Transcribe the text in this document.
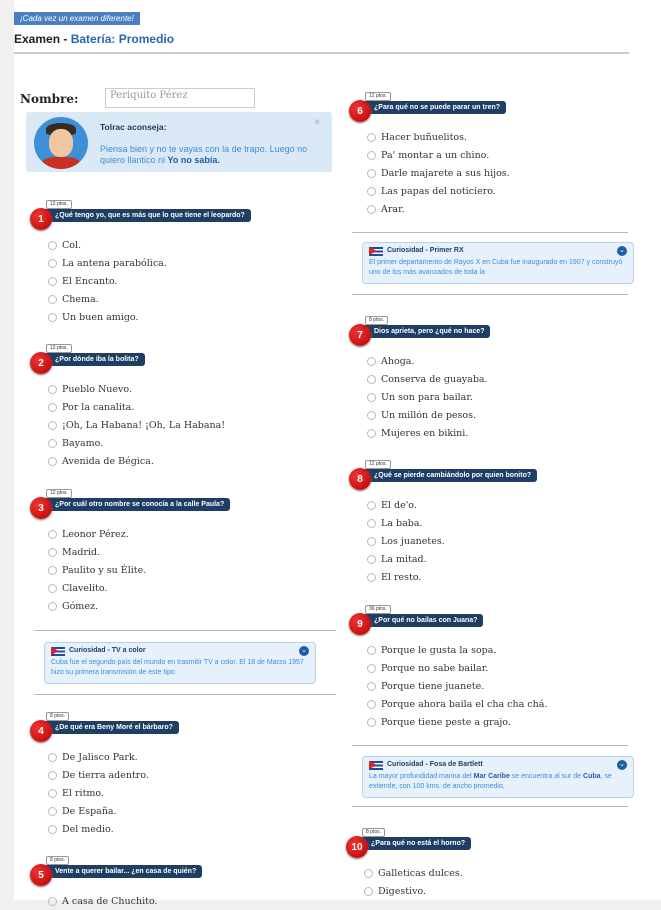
¡Cada vez un examen diferente!
Examen - Batería: Promedio
Nombre:	Periquito Pérez
Tolrac aconseja:
Piensa bien y no te vayas con la de trapo. Luego no quiero llantico ni Yo no sabía.
×
12 ptos.
1	¿Qué tengo yo, que es más que lo que tiene el leopardo?
Col.
La antena parabólica.
El Encanto.
Chema.
Un buen amigo.
12 ptos.
2	¿Por dónde iba la bolita?
Pueblo Nuevo.
Por la canalita.
¡Oh, La Habana! ¡Oh, La Habana!
Bayamo.
Avenida de Bégica.
12 ptos.
3	¿Por cuál otro nombre se conocía a la calle Paula?
Leonor Pérez.
Madrid.
Paulito y su Élite.
Clavelito.
Gómez.
Curiosidad - TV a color	⌄
Cuba fue el segundo país del mundo en trasmitir TV a color. El 18 de Marzo 1957 hizo su primera transmisión de este tipo
8 ptos.
4	¿De qué era Beny Moré el bárbaro?
De Jalisco Park.
De tierra adentro.
El ritmo.
De España.
Del medio.
8 ptos.
5	Vente a querer bailar... ¿en casa de quién?
A casa de Chuchito.
12 ptos.
6	¿Para qué no se puede parar un tren?
Hacer buñuelitos.
Pa' montar a un chino.
Darle majarete a sus hijos.
Las papas del noticiero.
Arar.
Curiosidad - Primer RX	⌄
El primer departamento de Rayos X en Cuba fue inaugurado en 1907 y construyó uno de los más avanzados de toda la
8 ptos.
7	Dios aprieta, pero ¿qué no hace?
Ahoga.
Conserva de guayaba.
Un son para bailar.
Un millón de pesos.
Mujeres en bikini.
12 ptos.
8	¿Qué se pierde cambiándolo por quien bonito?
El de'o.
La baba.
Los juanetes.
La mitad.
El resto.
36 ptos.
9	¿Por qué no bailas con Juana?
Porque le gusta la sopa.
Porque no sabe bailar.
Porque tiene juanete.
Porque ahora baila el cha cha chá.
Porque tiene peste a grajo.
Curiosidad - Fosa de Bartlett	⌄
La mayor profundidad marina del Mar Caribe se encuentra al sur de Cuba, se extiende, con 100 kms. de ancho promedio,
8 ptos.
10	¿Para qué no está el horno?
Galleticas dulces.
Digestivo.
